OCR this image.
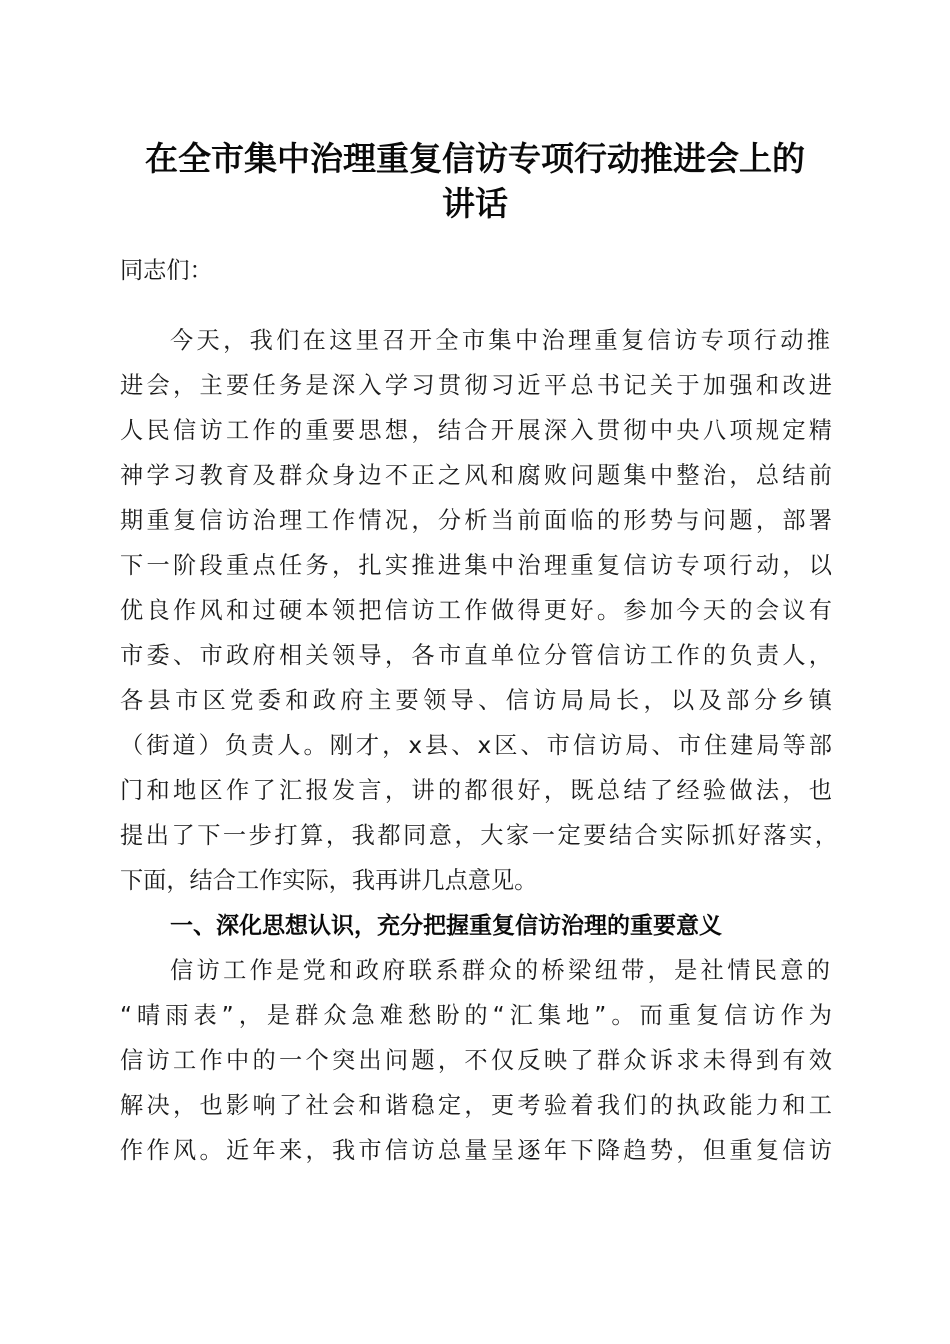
在全市集中治理重复信访专项行动推进会上的
讲话
同志们：
今天，我们在这里召开全市集中治理重复信访专项行动推
进会，主要任务是深入学习贯彻习近平总书记关于加强和改进
人民信访工作的重要思想，结合开展深入贯彻中央八项规定精
神学习教育及群众身边不正之风和腐败问题集中整治，总结前
期重复信访治理工作情况，分析当前面临的形势与问题，部署
下一阶段重点任务，扎实推进集中治理重复信访专项行动，以
优良作风和过硬本领把信访工作做得更好。参加今天的会议有
市委、市政府相关领导，各市直单位分管信访工作的负责人，
各县市区党委和政府主要领导、信访局局长，以及部分乡镇
（街道）负责人。刚才，x县、x区、市信访局、市住建局等部
门和地区作了汇报发言，讲的都很好，既总结了经验做法，也
提出了下一步打算，我都同意，大家一定要结合实际抓好落实，
下面，结合工作实际，我再讲几点意见。
一、深化思想认识，充分把握重复信访治理的重要意义
信访工作是党和政府联系群众的桥梁纽带，是社情民意的
“晴雨表”，是群众急难愁盼的“汇集地”。而重复信访作为
信访工作中的一个突出问题，不仅反映了群众诉求未得到有效
解决，也影响了社会和谐稳定，更考验着我们的执政能力和工
作作风。近年来，我市信访总量呈逐年下降趋势，但重复信访
